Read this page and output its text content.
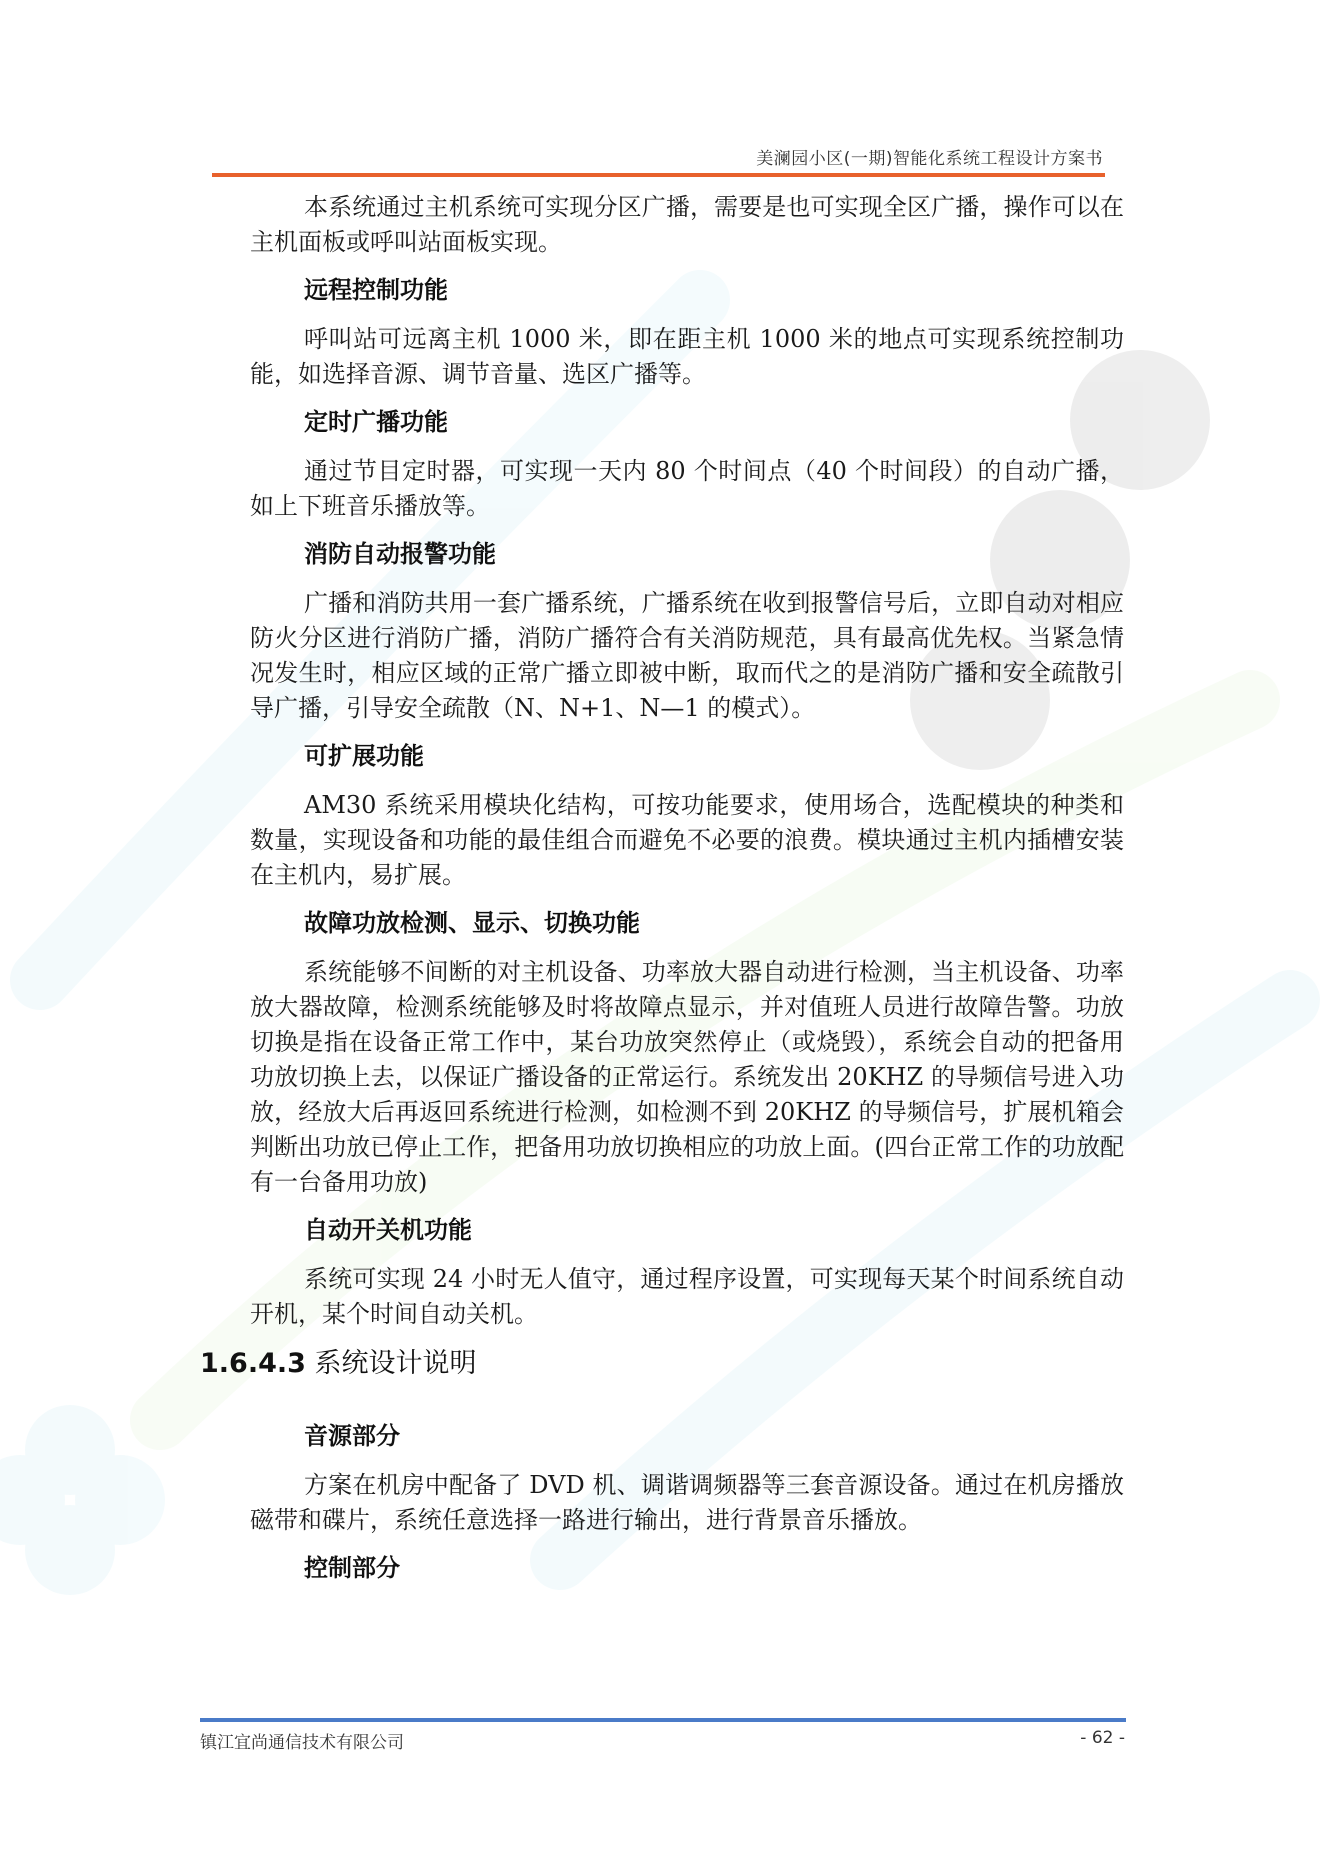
美澜园小区(一期)智能化系统工程设计方案书

本系统通过主机系统可实现分区广播，需要是也可实现全区广播，操作可以在主机面板或呼叫站面板实现。

远程控制功能

呼叫站可远离主机 1000 米，即在距主机 1000 米的地点可实现系统控制功能，如选择音源、调节音量、选区广播等。

定时广播功能

通过节目定时器，可实现一天内 80 个时间点（40 个时间段）的自动广播，如上下班音乐播放等。

消防自动报警功能

广播和消防共用一套广播系统，广播系统在收到报警信号后，立即自动对相应防火分区进行消防广播，消防广播符合有关消防规范，具有最高优先权。当紧急情况发生时，相应区域的正常广播立即被中断，取而代之的是消防广播和安全疏散引导广播，引导安全疏散（N、N+1、N—1 的模式）。

可扩展功能

AM30 系统采用模块化结构，可按功能要求，使用场合，选配模块的种类和数量，实现设备和功能的最佳组合而避免不必要的浪费。模块通过主机内插槽安装在主机内，易扩展。

故障功放检测、显示、切换功能

系统能够不间断的对主机设备、功率放大器自动进行检测，当主机设备、功率放大器故障，检测系统能够及时将故障点显示，并对值班人员进行故障告警。功放切换是指在设备正常工作中，某台功放突然停止（或烧毁），系统会自动的把备用功放切换上去，以保证广播设备的正常运行。系统发出 20KHZ 的导频信号进入功放，经放大后再返回系统进行检测，如检测不到 20KHZ 的导频信号，扩展机箱会判断出功放已停止工作，把备用功放切换相应的功放上面。(四台正常工作的功放配有一台备用功放)

自动开关机功能

系统可实现 24 小时无人值守，通过程序设置，可实现每天某个时间系统自动开机，某个时间自动关机。

1.6.4.3 系统设计说明
音源部分

方案在机房中配备了 DVD 机、调谐调频器等三套音源设备。通过在机房播放磁带和碟片，系统任意选择一路进行输出，进行背景音乐播放。

控制部分
镇江宜尚通信技术有限公司	- 62 -
